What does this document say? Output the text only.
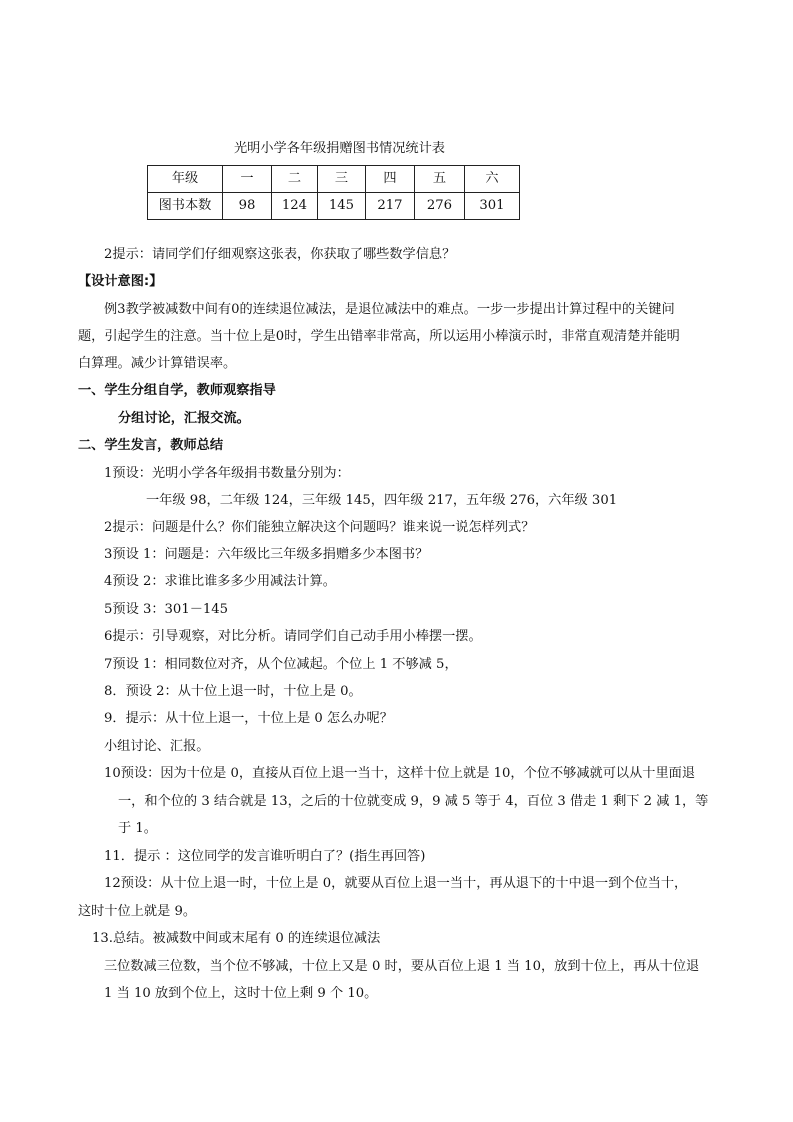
光明小学各年级捐赠图书情况统计表
年级	一	二	三	四	五	六
图书本数	98	124	145	217	276	301
2提示：请同学们仔细观察这张表，你获取了哪些数学信息？
【设计意图:】
例3教学被减数中间有0的连续退位减法，是退位减法中的难点。一步一步提出计算过程中的关键问
题，引起学生的注意。当十位上是0时，学生出错率非常高，所以运用小棒演示时，非常直观清楚并能明
白算理。减少计算错误率。
一、学生分组自学，教师观察指导
分组讨论，汇报交流。
二、学生发言，教师总结
1预设：光明小学各年级捐书数量分别为：
一年级 98，二年级 124，三年级 145，四年级 217，五年级 276，六年级 301
2提示：问题是什么？你们能独立解决这个问题吗？谁来说一说怎样列式？
3预设 1：问题是：六年级比三年级多捐赠多少本图书？
4预设 2：求谁比谁多多少用减法计算。
5预设 3：301－145
6提示：引导观察，对比分析。请同学们自己动手用小棒摆一摆。
7预设 1：相同数位对齐，从个位减起。个位上 1 不够减 5，
8．预设 2：从十位上退一时，十位上是 0。
9．提示：从十位上退一，十位上是 0 怎么办呢？
小组讨论、汇报。
10预设：因为十位是 0，直接从百位上退一当十，这样十位上就是 10，个位不够减就可以从十里面退
一，和个位的 3 结合就是 13，之后的十位就变成 9，9 减 5 等于 4，百位 3 借走 1 剩下 2 减 1，等
于 1。
11．提示 ：这位同学的发言谁听明白了？(指生再回答)
12预设：从十位上退一时，十位上是 0，就要从百位上退一当十，再从退下的十中退一到个位当十，
这时十位上就是 9。
13.总结。被减数中间或末尾有 0 的连续退位减法
三位数减三位数，当个位不够减，十位上又是 0 时，要从百位上退 1 当 10，放到十位上，再从十位退
1 当 10 放到个位上，这时十位上剩 9 个 10。
